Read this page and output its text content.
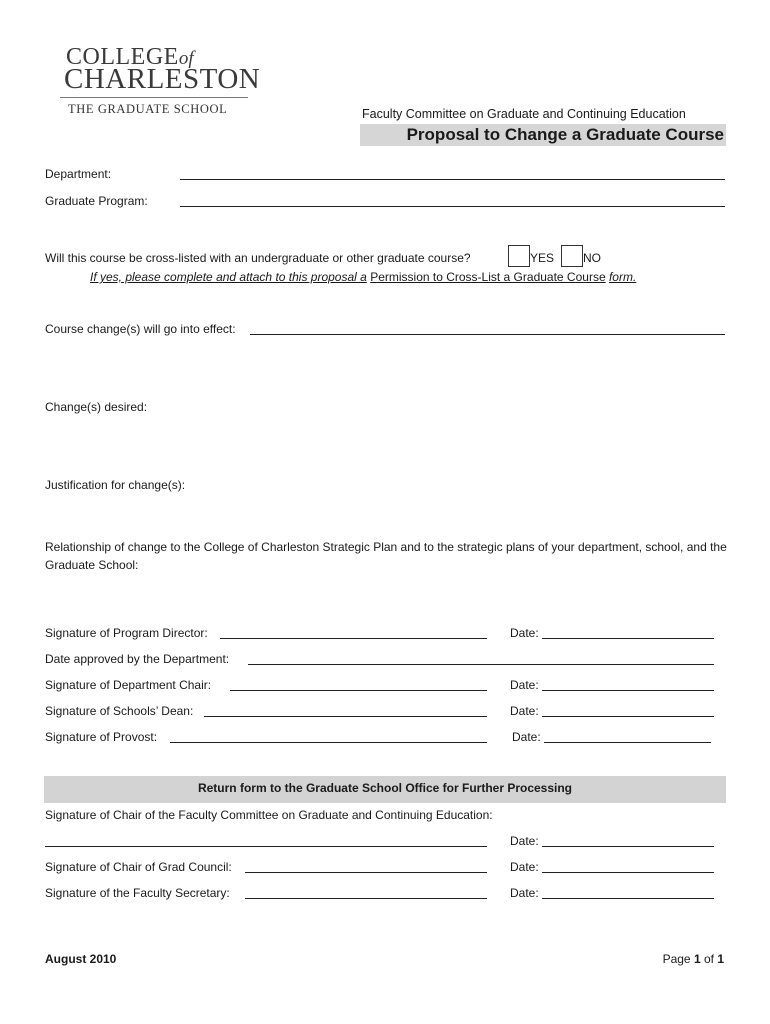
COLLEGEof
CHARLESTON
THE GRADUATE SCHOOL	Faculty Committee on Graduate and Continuing Education
Proposal to Change a Graduate Course
Department:
Graduate Program:
Will this course be cross-listed with an undergraduate or other graduate course?	YES NO
If yes, please complete and attach to this proposal a Permission to Cross-List a Graduate Course form.
Course change(s) will go into effect:
Change(s) desired:
Justification for change(s):
Relationship of change to the College of Charleston Strategic Plan and to the strategic plans of your department, school, and the Graduate School:
Signature of Program Director:	Date:
Date approved by the Department:
Signature of Department Chair:	Date:
Signature of Schools’ Dean:	Date:
Signature of Provost:	Date:
Return form to the Graduate School Office for Further Processing
Signature of Chair of the Faculty Committee on Graduate and Continuing Education:
Date:
Signature of Chair of Grad Council:	Date:
Signature of the Faculty Secretary:	Date:
August 2010	Page 1 of 1
